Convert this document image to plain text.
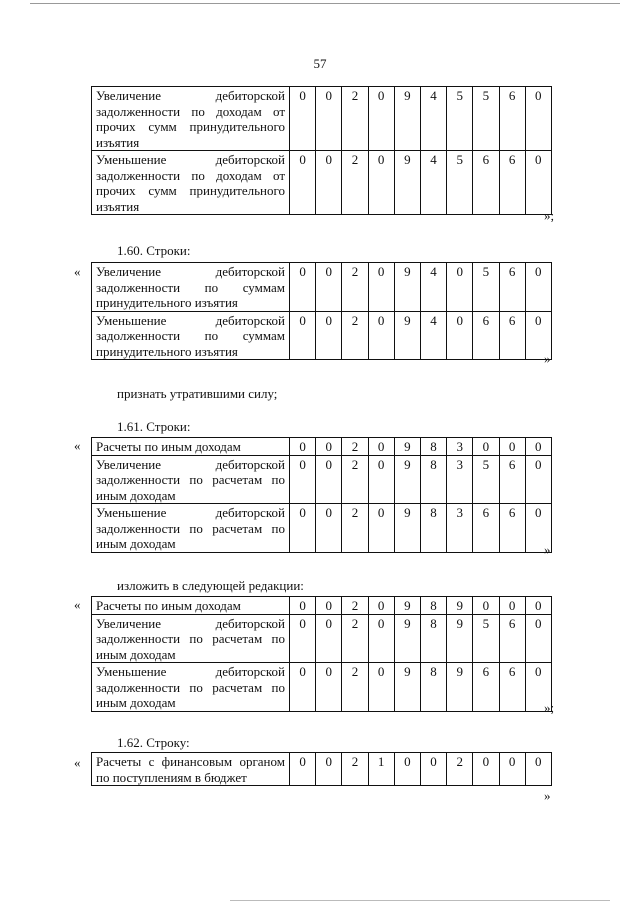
57
Увеличение дебиторской задолженности по доходам от прочих сумм принудительного изъятия	0	0	2	0	9	4	5	5	6	0
Уменьшение дебиторской задолженности по доходам от прочих сумм принудительного изъятия	0	0	2	0	9	4	5	6	6	0
»;
1.60. Строки:
« Увеличение дебиторской задолженности по суммам принудительного изъятия	0	0	2	0	9	4	0	5	6	0
Уменьшение дебиторской задолженности по суммам принудительного изъятия	0	0	2	0	9	4	0	6	6	0
»
признать утратившими силу;
1.61. Строки:
« Расчеты по иным доходам	0	0	2	0	9	8	3	0	0	0
Увеличение дебиторской задолженности по расчетам по иным доходам	0	0	2	0	9	8	3	5	6	0
Уменьшение дебиторской задолженности по расчетам по иным доходам	0	0	2	0	9	8	3	6	6	0
»
изложить в следующей редакции:
« Расчеты по иным доходам	0	0	2	0	9	8	9	0	0	0
Увеличение дебиторской задолженности по расчетам по иным доходам	0	0	2	0	9	8	9	5	6	0
Уменьшение дебиторской задолженности по расчетам по иным доходам	0	0	2	0	9	8	9	6	6	0
»;
1.62. Строку:
« Расчеты с финансовым органом по поступлениям в бюджет	0	0	2	1	0	0	2	0	0	0
»
